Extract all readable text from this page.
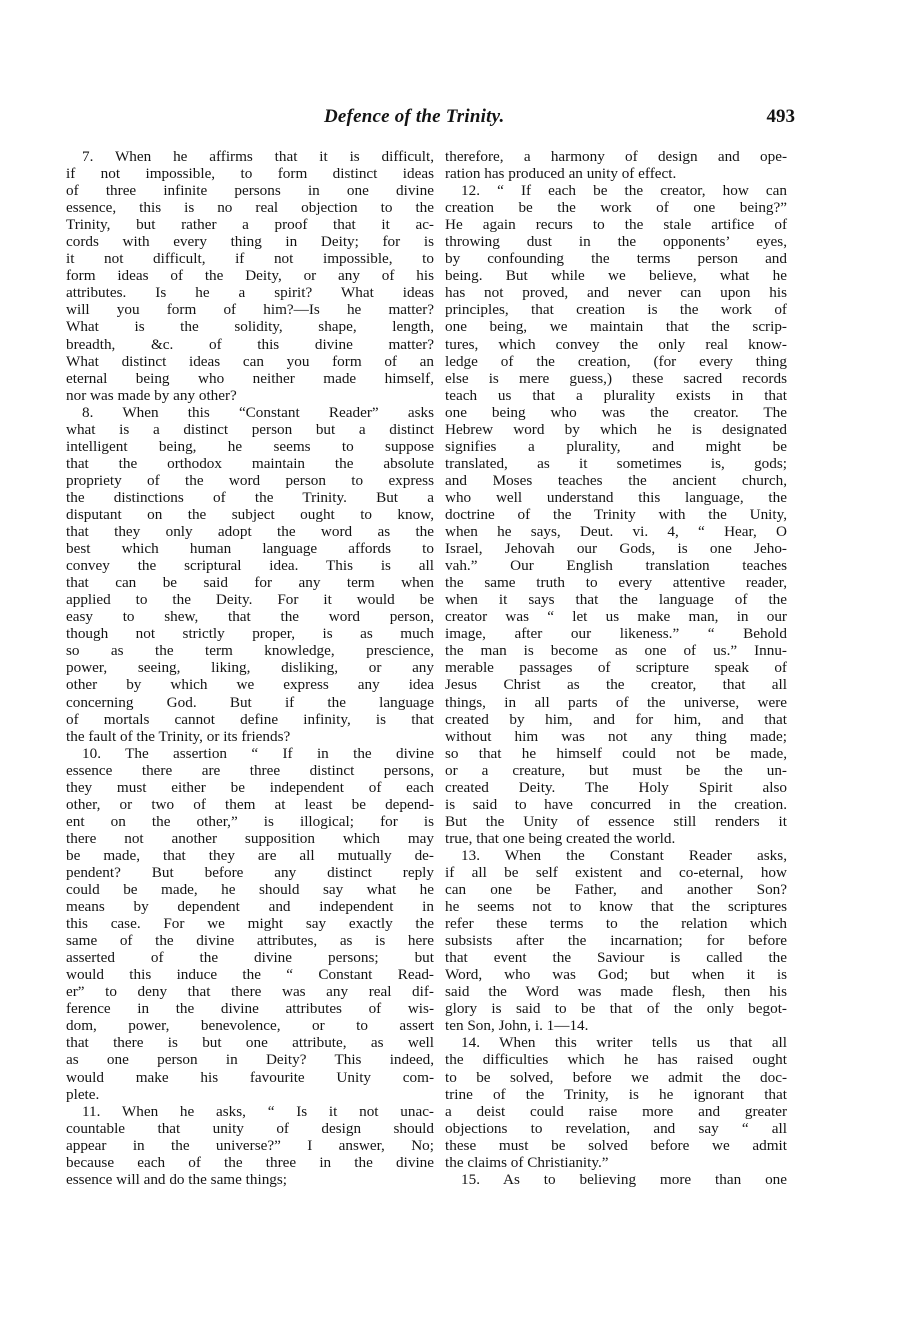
Defence of the Trinity.	493
7. When he affirms that it is difficult,
if not impossible, to form distinct ideas
of three infinite persons in one divine
essence, this is no real objection to the
Trinity, but rather a proof that it ac-
cords with every thing in Deity; for is
it not difficult, if not impossible, to
form ideas of the Deity, or any of his
attributes. Is he a spirit? What ideas
will you form of him?—Is he matter?
What is the solidity, shape, length,
breadth, &c. of this divine matter?
What distinct ideas can you form of an
eternal being who neither made himself,
nor was made by any other?
8. When this “Constant Reader” asks
what is a distinct person but a distinct
intelligent being, he seems to suppose
that the orthodox maintain the absolute
propriety of the word person to express
the distinctions of the Trinity. But a
disputant on the subject ought to know,
that they only adopt the word as the
best which human language affords to
convey the scriptural idea. This is all
that can be said for any term when
applied to the Deity. For it would be
easy to shew, that the word person,
though not strictly proper, is as much
so as the term knowledge, prescience,
power, seeing, liking, disliking, or any
other by which we express any idea
concerning God. But if the language
of mortals cannot define infinity, is that
the fault of the Trinity, or its friends?
10. The assertion “ If in the divine
essence there are three distinct persons,
they must either be independent of each
other, or two of them at least be depend-
ent on the other,” is illogical; for is
there not another supposition which may
be made, that they are all mutually de-
pendent? But before any distinct reply
could be made, he should say what he
means by dependent and independent in
this case. For we might say exactly the
same of the divine attributes, as is here
asserted of the divine persons; but
would this induce the “ Constant Read-
er” to deny that there was any real dif-
ference in the divine attributes of wis-
dom, power, benevolence, or to assert
that there is but one attribute, as well
as one person in Deity? This indeed,
would make his favourite Unity com-
plete.
11. When he asks, “ Is it not unac-
countable that unity of design should
appear in the universe?” I answer, No;
because each of the three in the divine
essence will and do the same things;
therefore, a harmony of design and ope-
ration has produced an unity of effect.
12. “ If each be the creator, how can
creation be the work of one being?”
He again recurs to the stale artifice of
throwing dust in the opponents’ eyes,
by confounding the terms person and
being. But while we believe, what he
has not proved, and never can upon his
principles, that creation is the work of
one being, we maintain that the scrip-
tures, which convey the only real know-
ledge of the creation, (for every thing
else is mere guess,) these sacred records
teach us that a plurality exists in that
one being who was the creator. The
Hebrew word by which he is designated
signifies a plurality, and might be
translated, as it sometimes is, gods;
and Moses teaches the ancient church,
who well understand this language, the
doctrine of the Trinity with the Unity,
when he says, Deut. vi. 4, “ Hear, O
Israel, Jehovah our Gods, is one Jeho-
vah.” Our English translation teaches
the same truth to every attentive reader,
when it says that the language of the
creator was “ let us make man, in our
image, after our likeness.” “ Behold
the man is become as one of us.” Innu-
merable passages of scripture speak of
Jesus Christ as the creator, that all
things, in all parts of the universe, were
created by him, and for him, and that
without him was not any thing made;
so that he himself could not be made,
or a creature, but must be the un-
created Deity. The Holy Spirit also
is said to have concurred in the creation.
But the Unity of essence still renders it
true, that one being created the world.
13. When the Constant Reader asks,
if all be self existent and co-eternal, how
can one be Father, and another Son?
he seems not to know that the scriptures
refer these terms to the relation which
subsists after the incarnation; for before
that event the Saviour is called the
Word, who was God; but when it is
said the Word was made flesh, then his
glory is said to be that of the only begot-
ten Son, John, i. 1—14.
14. When this writer tells us that all
the difficulties which he has raised ought
to be solved, before we admit the doc-
trine of the Trinity, is he ignorant that
a deist could raise more and greater
objections to revelation, and say “ all
these must be solved before we admit
the claims of Christianity.”
15. As to believing more than one
